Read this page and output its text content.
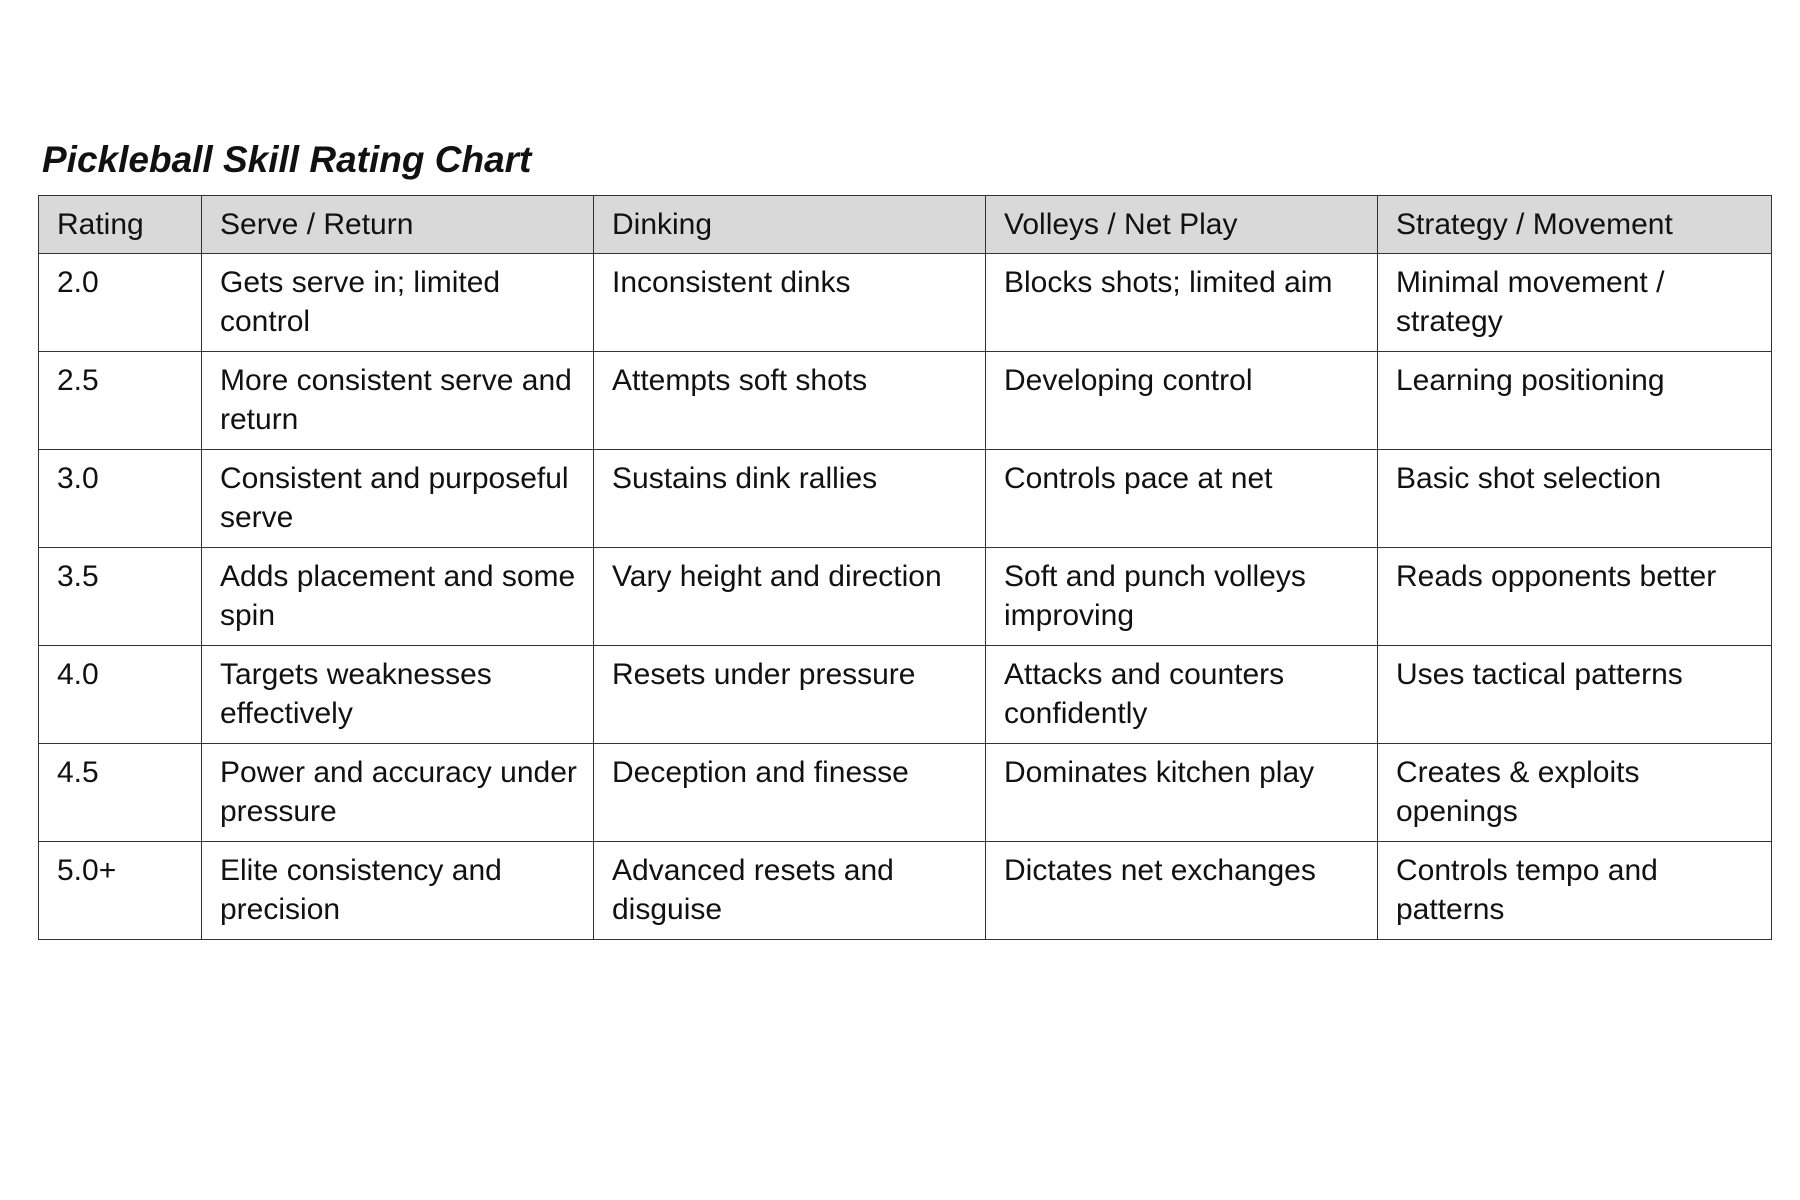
Pickleball Skill Rating Chart
Rating	Serve / Return	Dinking	Volleys / Net Play	Strategy / Movement
2.0	Gets serve in; limited control	Inconsistent dinks	Blocks shots; limited aim	Minimal movement / strategy
2.5	More consistent serve and return	Attempts soft shots	Developing control	Learning positioning
3.0	Consistent and purposeful serve	Sustains dink rallies	Controls pace at net	Basic shot selection
3.5	Adds placement and some spin	Vary height and direction	Soft and punch volleys improving	Reads opponents better
4.0	Targets weaknesses effectively	Resets under pressure	Attacks and counters confidently	Uses tactical patterns
4.5	Power and accuracy under pressure	Deception and finesse	Dominates kitchen play	Creates & exploits openings
5.0+	Elite consistency and precision	Advanced resets and disguise	Dictates net exchanges	Controls tempo and patterns
